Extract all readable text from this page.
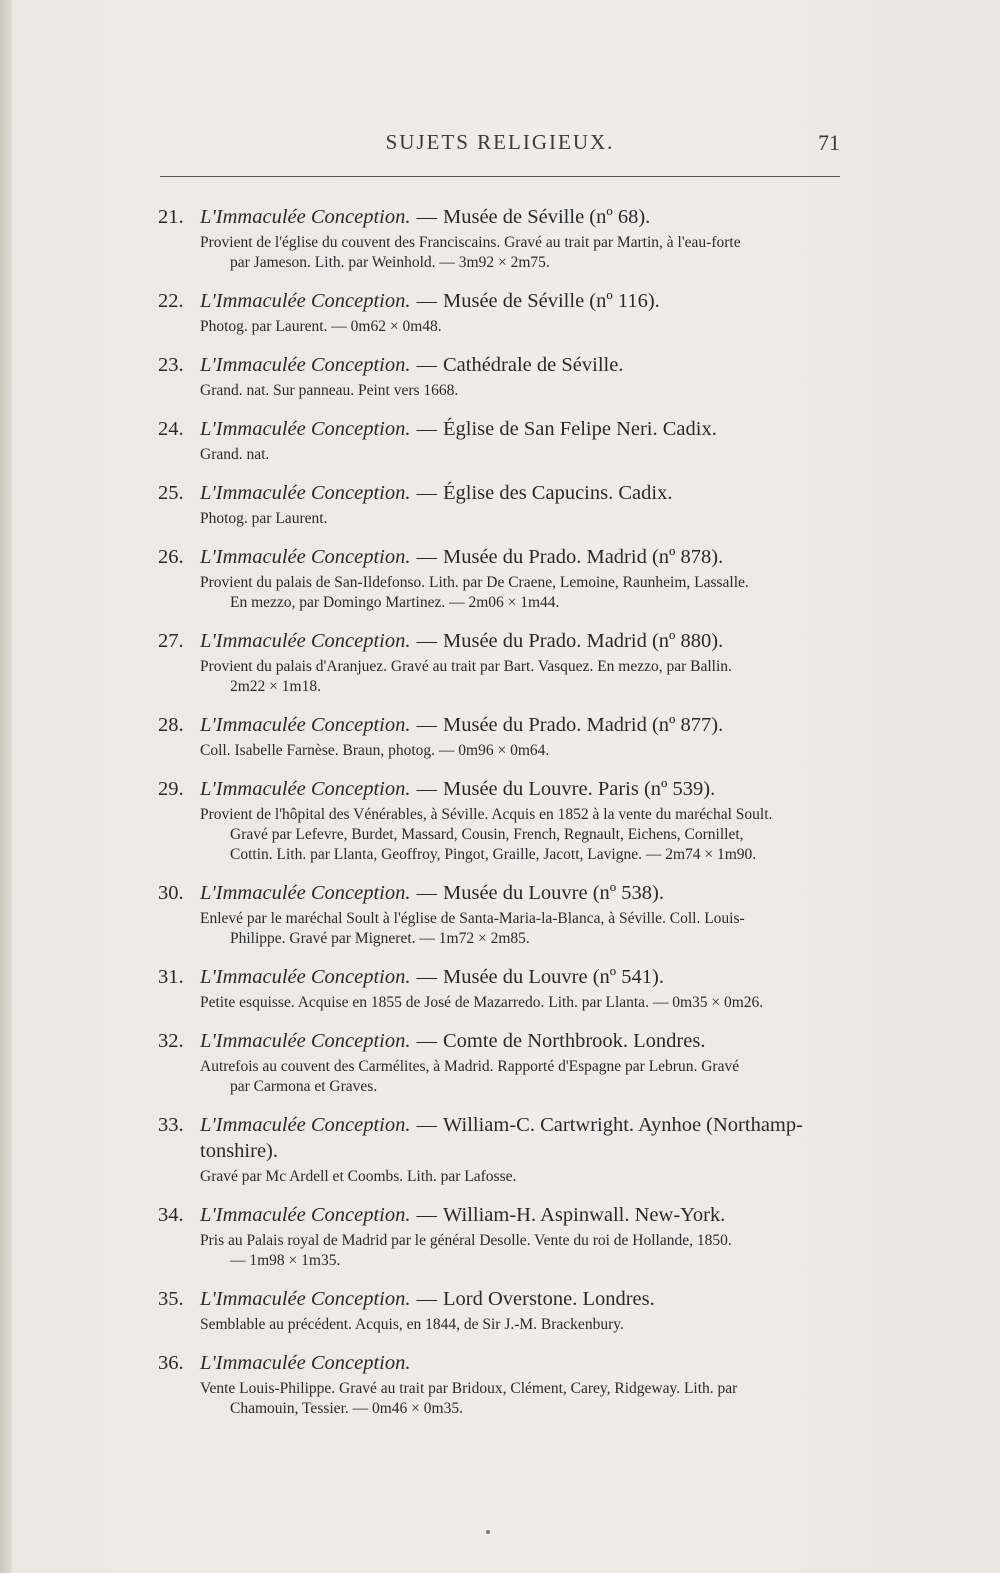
SUJETS RELIGIEUX.	71
21. L'Immaculée Conception. — Musée de Séville (nº 68).
Provient de l'église du couvent des Franciscains. Gravé au trait par Martin, à l'eau-forte
par Jameson. Lith. par Weinhold. — 3m92 × 2m75.
22. L'Immaculée Conception. — Musée de Séville (nº 116).
Photog. par Laurent. — 0m62 × 0m48.
23. L'Immaculée Conception. — Cathédrale de Séville.
Grand. nat. Sur panneau. Peint vers 1668.
24. L'Immaculée Conception. — Église de San Felipe Neri. Cadix.
Grand. nat.
25. L'Immaculée Conception. — Église des Capucins. Cadix.
Photog. par Laurent.
26. L'Immaculée Conception. — Musée du Prado. Madrid (nº 878).
Provient du palais de San-Ildefonso. Lith. par De Craene, Lemoine, Raunheim, Lassalle.
En mezzo, par Domingo Martinez. — 2m06 × 1m44.
27. L'Immaculée Conception. — Musée du Prado. Madrid (nº 880).
Provient du palais d'Aranjuez. Gravé au trait par Bart. Vasquez. En mezzo, par Ballin.
2m22 × 1m18.
28. L'Immaculée Conception. — Musée du Prado. Madrid (nº 877).
Coll. Isabelle Farnèse. Braun, photog. — 0m96 × 0m64.
29. L'Immaculée Conception. — Musée du Louvre. Paris (nº 539).
Provient de l'hôpital des Vénérables, à Séville. Acquis en 1852 à la vente du maréchal Soult.
Gravé par Lefevre, Burdet, Massard, Cousin, French, Regnault, Eichens, Cornillet,
Cottin. Lith. par Llanta, Geoffroy, Pingot, Graille, Jacott, Lavigne. — 2m74 × 1m90.
30. L'Immaculée Conception. — Musée du Louvre (nº 538).
Enlevé par le maréchal Soult à l'église de Santa-Maria-la-Blanca, à Séville. Coll. Louis-
Philippe. Gravé par Migneret. — 1m72 × 2m85.
31. L'Immaculée Conception. — Musée du Louvre (nº 541).
Petite esquisse. Acquise en 1855 de José de Mazarredo. Lith. par Llanta. — 0m35 × 0m26.
32. L'Immaculée Conception. — Comte de Northbrook. Londres.
Autrefois au couvent des Carmélites, à Madrid. Rapporté d'Espagne par Lebrun. Gravé
par Carmona et Graves.
33. L'Immaculée Conception. — William-C. Cartwright. Aynhoe (Northamp-
tonshire).
Gravé par Mc Ardell et Coombs. Lith. par Lafosse.
34. L'Immaculée Conception. — William-H. Aspinwall. New-York.
Pris au Palais royal de Madrid par le général Desolle. Vente du roi de Hollande, 1850.
— 1m98 × 1m35.
35. L'Immaculée Conception. — Lord Overstone. Londres.
Semblable au précédent. Acquis, en 1844, de Sir J.-M. Brackenbury.
36. L'Immaculée Conception.
Vente Louis-Philippe. Gravé au trait par Bridoux, Clément, Carey, Ridgeway. Lith. par
Chamouin, Tessier. — 0m46 × 0m35.
